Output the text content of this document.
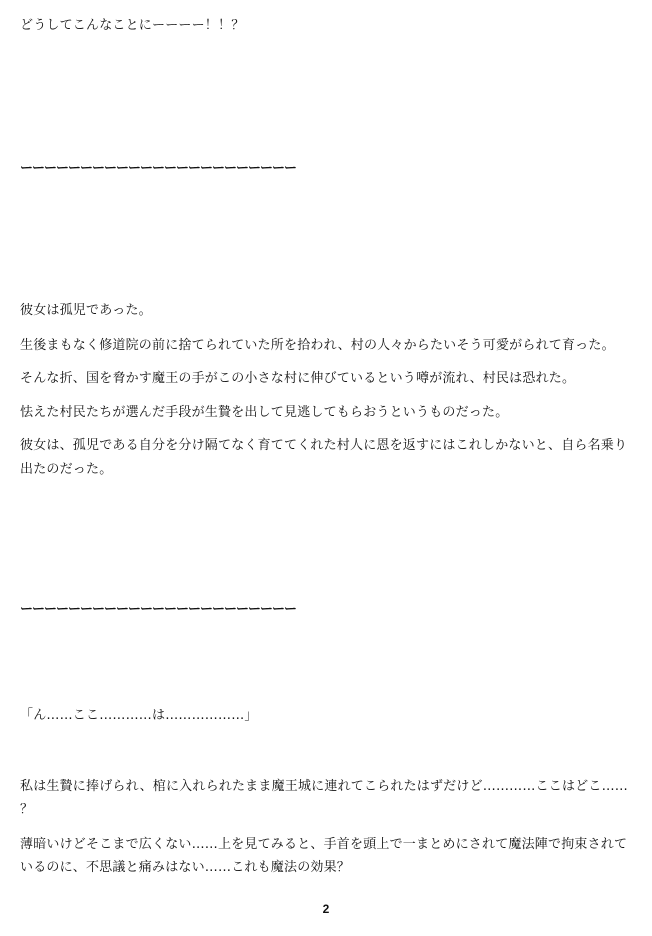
どうしてこんなことにーーーー！！？
ーーーーーーーーーーーーーーーーーーーーーーー
彼女は孤児であった。
生後まもなく修道院の前に捨てられていた所を拾われ、村の人々からたいそう可愛がられて育った。
そんな折、国を脅かす魔王の手がこの小さな村に伸びているという噂が流れ、村民は恐れた。
怯えた村民たちが選んだ手段が生贄を出して見逃してもらおうというものだった。
彼女は、孤児である自分を分け隔てなく育ててくれた村人に恩を返すにはこれしかないと、自ら名乗り
出たのだった。
ーーーーーーーーーーーーーーーーーーーーーーー
「ん……ここ…………は………………」
私は生贄に捧げられ、棺に入れられたまま魔王城に連れてこられたはずだけど…………ここはどこ……
？
薄暗いけどそこまで広くない……上を見てみると、手首を頭上で一まとめにされて魔法陣で拘束されて
いるのに、不思議と痛みはない……これも魔法の効果？
2
